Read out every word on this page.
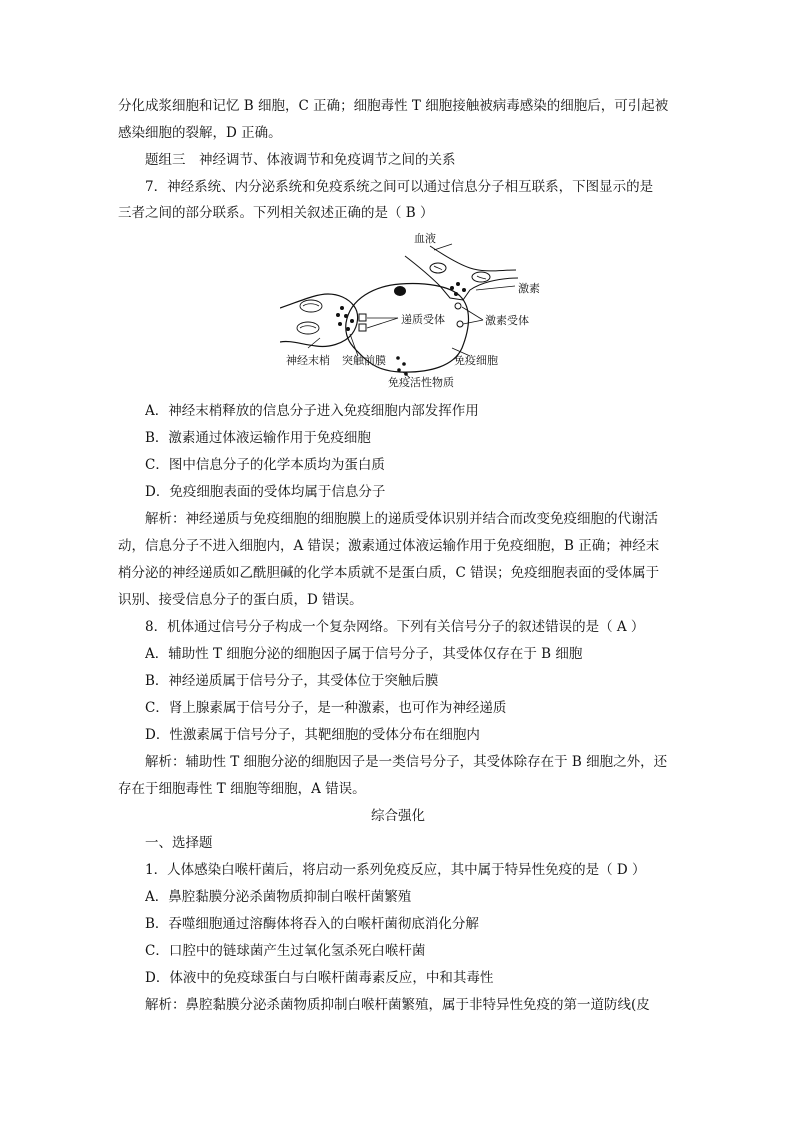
分化成浆细胞和记忆 B 细胞，C 正确；细胞毒性 T 细胞接触被病毒感染的细胞后，可引起被
感染细胞的裂解，D 正确。
题组三　神经调节、体液调节和免疫调节之间的关系
7．神经系统、内分泌系统和免疫系统之间可以通过信息分子相互联系，下图显示的是
三者之间的部分联系。下列相关叙述正确的是（ B ）
血液
激素
递质受体	激素受体
神经末梢 突触前膜	免疫细胞
免疫活性物质
A．神经末梢释放的信息分子进入免疫细胞内部发挥作用
B．激素通过体液运输作用于免疫细胞
C．图中信息分子的化学本质均为蛋白质
D．免疫细胞表面的受体均属于信息分子
解析：神经递质与免疫细胞的细胞膜上的递质受体识别并结合而改变免疫细胞的代谢活
动，信息分子不进入细胞内，A 错误；激素通过体液运输作用于免疫细胞，B 正确；神经末
梢分泌的神经递质如乙酰胆碱的化学本质就不是蛋白质，C 错误；免疫细胞表面的受体属于
识别、接受信息分子的蛋白质，D 错误。
8．机体通过信号分子构成一个复杂网络。下列有关信号分子的叙述错误的是（ A ）
A．辅助性 T 细胞分泌的细胞因子属于信号分子，其受体仅存在于 B 细胞
B．神经递质属于信号分子，其受体位于突触后膜
C．肾上腺素属于信号分子，是一种激素，也可作为神经递质
D．性激素属于信号分子，其靶细胞的受体分布在细胞内
解析：辅助性 T 细胞分泌的细胞因子是一类信号分子，其受体除存在于 B 细胞之外，还
存在于细胞毒性 T 细胞等细胞，A 错误。
综合强化
一、选择题
1．人体感染白喉杆菌后，将启动一系列免疫反应，其中属于特异性免疫的是（ D ）
A．鼻腔黏膜分泌杀菌物质抑制白喉杆菌繁殖
B．吞噬细胞通过溶酶体将吞入的白喉杆菌彻底消化分解
C．口腔中的链球菌产生过氧化氢杀死白喉杆菌
D．体液中的免疫球蛋白与白喉杆菌毒素反应，中和其毒性
解析：鼻腔黏膜分泌杀菌物质抑制白喉杆菌繁殖，属于非特异性免疫的第一道防线(皮
